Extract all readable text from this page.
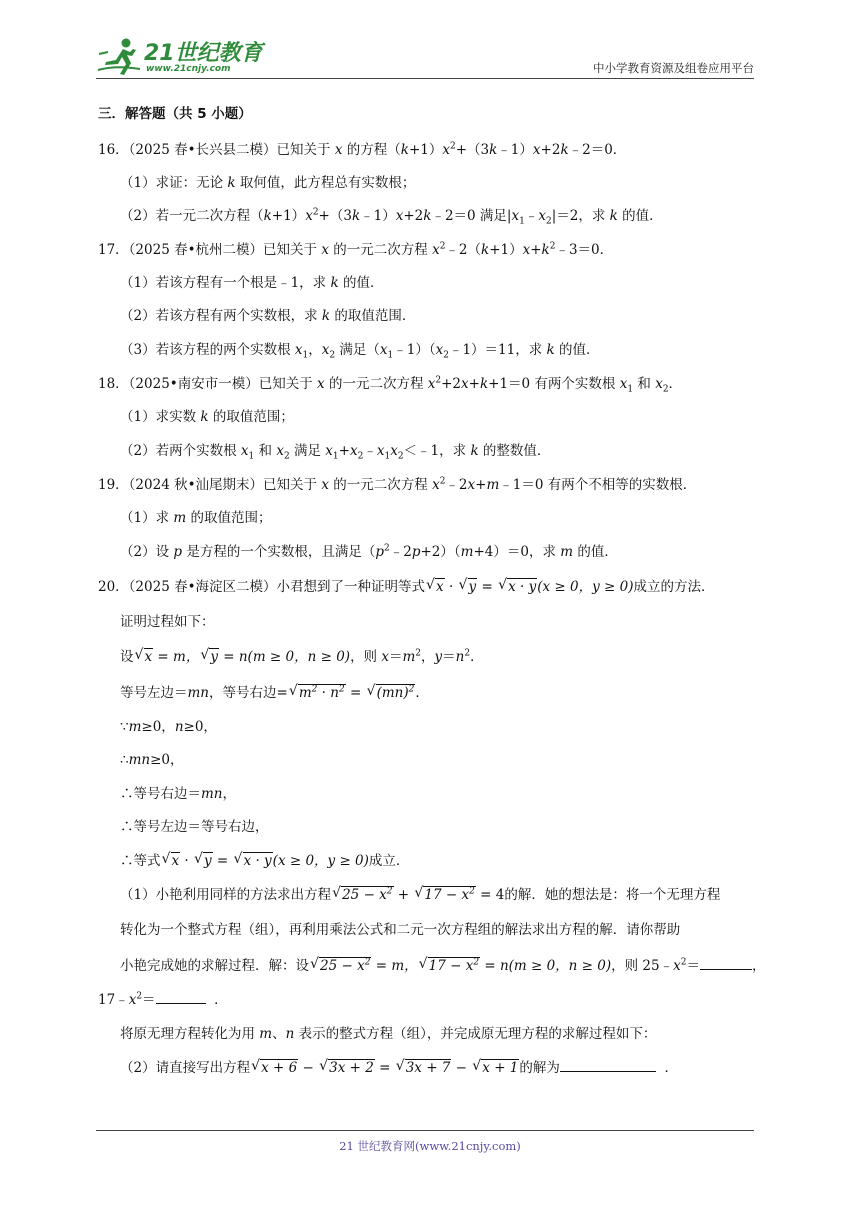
21世纪教育
www.21cnjy.com	中小学教育资源及组卷应用平台
三．解答题（共 5 小题）
16．（2025 春•长兴县二模）已知关于 x 的方程$(k+1)x^2+(3k﹣1)x+2k﹣2=0$．
（1）求证：无论 k 取何值，此方程总有实数根；
（2）若一元二次方程$(k+1)x^2+(3k﹣1)x+2k﹣2=0$ 满足$|x_1﹣x_2|=2$，求 k 的值．
17．（2025 春•杭州二模）已知关于 x 的一元二次方程 $x^2﹣2(k+1)x+k^2﹣3=0$．
（1）若该方程有一个根是﹣1，求 k 的值．
（2）若该方程有两个实数根，求 k 的取值范围．
（3）若该方程的两个实数根 $x_1$，$x_2$ 满足$(x_1﹣1)(x_2﹣1)=11$，求 k 的值．
18．（2025•南安市一模）已知关于 x 的一元二次方程 $x^2+2x+k+1=0$ 有两个实数根 $x_1$ 和 $x_2$．
（1）求实数 k 的取值范围；
（2）若两个实数根 $x_1$ 和 $x_2$ 满足 $x_1+x_2﹣x_1x_2<﹣1$，求 k 的整数值．
19．（2024 秋•汕尾期末）已知关于 x 的一元二次方程 $x^2﹣2x+m﹣1=0$ 有两个不相等的实数根．
（1）求 m 的取值范围；
（2）设 p 是方程的一个实数根，且满足$(p^2﹣2p+2)(m+4)=0$，求 m 的值．
20．（2025 春•海淀区二模）小君想到了一种证明等式 √ x · √ y = √ x · y(x ≥ 0，y ≥ 0)成立的方法．
证明过程如下：
设 √ x = m， √ y = n(m ≥ 0，n ≥ 0)，则 $x=m^2$，$y=n^2$．
等号左边＝mn，等号右边= √ $m^2 \cdot n^2$ = √ (mn)$^2$．
∵m≥0，n≥0，
∴mn≥0，
∴等号右边＝mn，
∴等号左边＝等号右边，
∴等式 √ x · √ y = √ x · y(x ≥ 0，y ≥ 0)成立．
（1）小艳利用同样的方法求出方程 √ $25 - x^2$ + √ $17 - x^2 = 4$的解．她的想法是：将一个无理方程
转化为一个整式方程（组），再利用乘法公式和二元一次方程组的解法求出方程的解．请你帮助
小艳完成她的求解过程．解：设 √ $25 - x^2 = m$， √ $17 - x^2 = n(m \ge 0$，n ≥ 0)，则 $25﹣x^2=$	，
$17﹣x^2=$	．
将原无理方程转化为用 m、n 表示的整式方程（组），并完成原无理方程的求解过程如下：
（2）请直接写出方程 √ x + 6 − √ 3x + 2 = √ 3x + 7 − √ x + 1的解为	．
21 世纪教育网(www.21cnjy.com)
